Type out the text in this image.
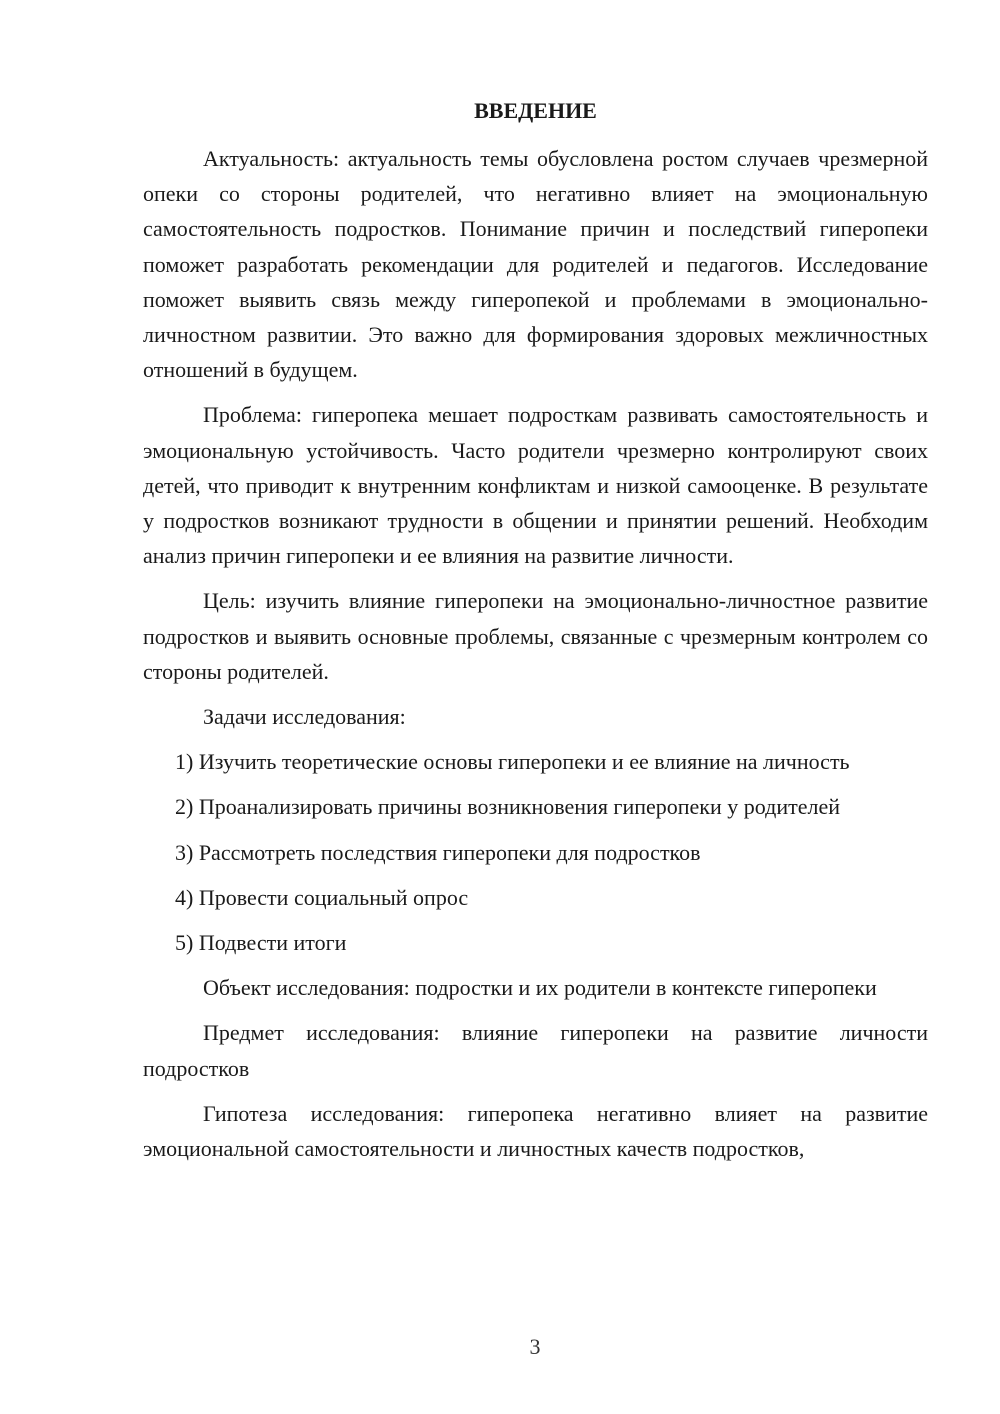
ВВЕДЕНИЕ

Актуальность: актуальность темы обусловлена ростом случаев чрезмерной опеки со стороны родителей, что негативно влияет на эмоциональную самостоятельность подростков. Понимание причин и последствий гиперопеки поможет разработать рекомендации для родителей и педагогов. Исследование поможет выявить связь между гиперопекой и проблемами в эмоционально-личностном развитии. Это важно для формирования здоровых межличностных отношений в будущем.

Проблема: гиперопека мешает подросткам развивать самостоятельность и эмоциональную устойчивость. Часто родители чрезмерно контролируют своих детей, что приводит к внутренним конфликтам и низкой самооценке. В результате у подростков возникают трудности в общении и принятии решений. Необходим анализ причин гиперопеки и ее влияния на развитие личности.

Цель: изучить влияние гиперопеки на эмоционально-личностное развитие подростков и выявить основные проблемы, связанные с чрезмерным контролем со стороны родителей.

Задачи исследования:

1) Изучить теоретические основы гиперопеки и ее влияние на личность

2) Проанализировать причины возникновения гиперопеки у родителей

3) Рассмотреть последствия гиперопеки для подростков

4) Провести социальный опрос

5) Подвести итоги

Объект исследования: подростки и их родители в контексте гиперопеки

Предмет исследования: влияние гиперопеки на развитие личности подростков

Гипотеза исследования: гиперопека негативно влияет на развитие эмоциональной самостоятельности и личностных качеств подростков,

3
